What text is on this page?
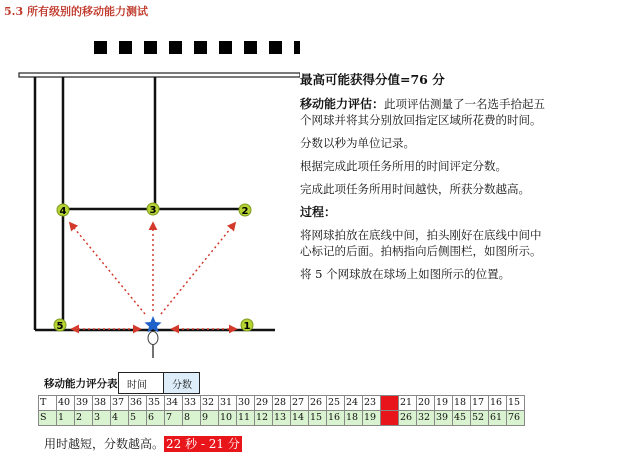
5.3 所有级别的移动能力测试
4	3	2
5	1

最高可能获得分值=76 分

移动能力评估：此项评估测量了一名选手拾起五个网球并将其分别放回指定区域所花费的时间。

分数以秒为单位记录。

根据完成此项任务所用的时间评定分数。

完成此项任务所用时间越快，所获分数越高。

过程：

将网球拍放在底线中间，拍头刚好在底线中间中心标记的后面。拍柄指向后侧围栏，如图所示。

将 5 个网球放在球场上如图所示的位置。

移动能力评分表 时间	分数
T	40	39	38	37	36	35	34	33	32	31	30	29	28	27	26	25	24	23	22	21	20	19	18	17	16	15
S	1	2	3	4	5	6	7	8	9	10	11	12	13	14	15	16	18	19	21	26	32	39	45	52	61	76
用时越短，分数越高。 22 秒 - 21 分
